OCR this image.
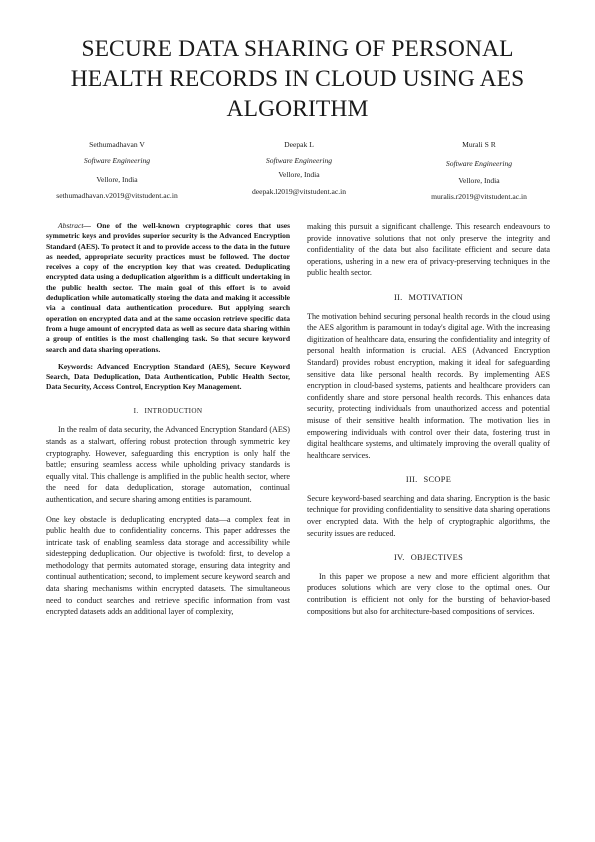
SECURE DATA SHARING OF PERSONAL HEALTH RECORDS IN CLOUD USING AES ALGORITHM
Sethumadhavan V
Software Engineering
Vellore, India
sethumadhavan.v2019@vitstudent.ac.in
Deepak L
Software Engineering
Vellore, India
deepak.l2019@vitstudent.ac.in
Murali S R
Software Engineering
Vellore, India
muralis.r2019@vitstudent.ac.in

Abstract— One of the well-known cryptographic cores that uses symmetric keys and provides superior security is the Advanced Encryption Standard (AES). To protect it and to provide access to the data in the future as needed, appropriate security practices must be followed. The doctor receives a copy of the encryption key that was created. Deduplicating encrypted data using a deduplication algorithm is a difficult undertaking in the public health sector. The main goal of this effort is to avoid deduplication while automatically storing the data and making it accessible via a continual data authentication procedure. But applying search operation on encrypted data and at the same occasion retrieve specific data from a huge amount of encrypted data as well as secure data sharing within a group of entities is the most challenging task. So that secure keyword search and data sharing operations.

Keywords: Advanced Encryption Standard (AES), Secure Keyword Search, Data Deduplication, Data Authentication, Public Health Sector, Data Security, Access Control, Encryption Key Management.

I. INTRODUCTION

In the realm of data security, the Advanced Encryption Standard (AES) stands as a stalwart, offering robust protection through symmetric key cryptography. However, safeguarding this encryption is only half the battle; ensuring seamless access while upholding privacy standards is equally vital. This challenge is amplified in the public health sector, where the need for data deduplication, storage automation, continual authentication, and secure sharing among entities is paramount.

One key obstacle is deduplicating encrypted data—a complex feat in public health due to confidentiality concerns. This paper addresses the intricate task of enabling seamless data storage and accessibility while sidestepping deduplication. Our objective is twofold: first, to develop a methodology that permits automated storage, ensuring data integrity and continual authentication; second, to implement secure keyword search and data sharing mechanisms within encrypted datasets. The simultaneous need to conduct searches and retrieve specific information from vast encrypted datasets adds an additional layer of complexity,

making this pursuit a significant challenge. This research endeavours to provide innovative solutions that not only preserve the integrity and confidentiality of the data but also facilitate efficient and secure data operations, ushering in a new era of privacy-preserving techniques in the public health sector.

II. MOTIVATION

The motivation behind securing personal health records in the cloud using the AES algorithm is paramount in today's digital age. With the increasing digitization of healthcare data, ensuring the confidentiality and integrity of personal health information is crucial. AES (Advanced Encryption Standard) provides robust encryption, making it ideal for safeguarding sensitive data like personal health records. By implementing AES encryption in cloud-based systems, patients and healthcare providers can confidently share and store personal health records. This enhances data security, protecting individuals from unauthorized access and potential misuse of their sensitive health information. The motivation lies in empowering individuals with control over their data, fostering trust in digital healthcare systems, and ultimately improving the overall quality of healthcare services.

III. SCOPE

Secure keyword-based searching and data sharing. Encryption is the basic technique for providing confidentiality to sensitive data sharing operations over encrypted data. With the help of cryptographic algorithms, the security issues are reduced.

IV. OBJECTIVES

In this paper we propose a new and more efficient algorithm that produces solutions which are very close to the optimal ones. Our contribution is efficient not only for the bursting of behavior-based compositions but also for architecture-based compositions of services.
